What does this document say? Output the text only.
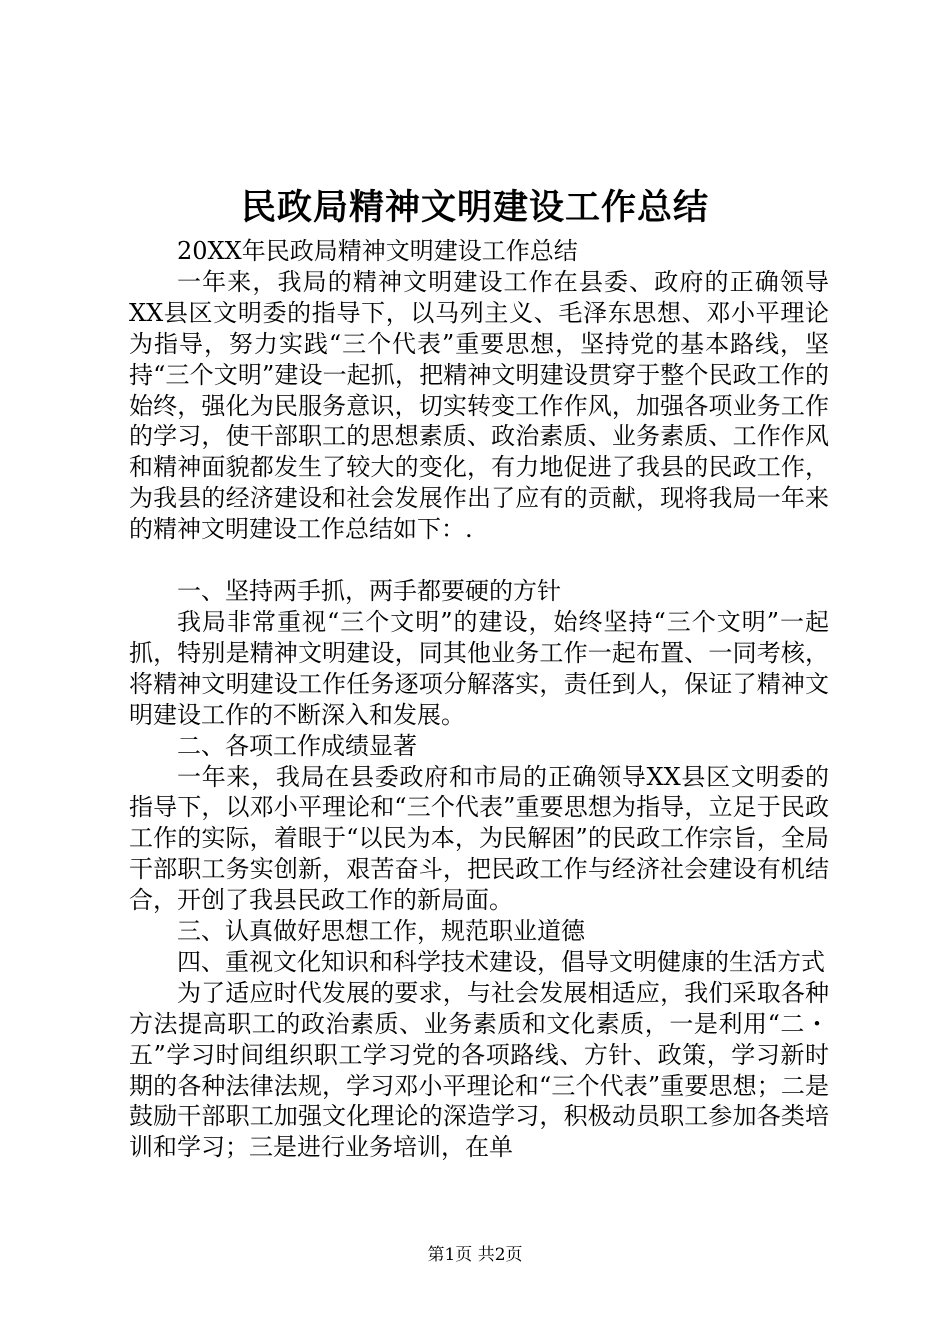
民政局精神文明建设工作总结

20XX年民政局精神文明建设工作总结

一年来，我局的精神文明建设工作在县委、政府的正确领导XX县区文明委的指导下，以马列主义、毛泽东思想、邓小平理论为指导，努力实践“三个代表”重要思想，坚持党的基本路线，坚持“三个文明”建设一起抓，把精神文明建设贯穿于整个民政工作的始终，强化为民服务意识，切实转变工作作风，加强各项业务工作的学习，使干部职工的思想素质、政治素质、业务素质、工作作风和精神面貌都发生了较大的变化，有力地促进了我县的民政工作，为我县的经济建设和社会发展作出了应有的贡献，现将我局一年来的精神文明建设工作总结如下：.

一、坚持两手抓，两手都要硬的方针

我局非常重视“三个文明”的建设，始终坚持“三个文明”一起抓，特别是精神文明建设，同其他业务工作一起布置、一同考核，将精神文明建设工作任务逐项分解落实，责任到人，保证了精神文明建设工作的不断深入和发展。

二、各项工作成绩显著

一年来，我局在县委政府和市局的正确领导XX县区文明委的指导下，以邓小平理论和“三个代表”重要思想为指导，立足于民政工作的实际，着眼于“以民为本，为民解困”的民政工作宗旨，全局干部职工务实创新，艰苦奋斗，把民政工作与经济社会建设有机结合，开创了我县民政工作的新局面。

三、认真做好思想工作，规范职业道德

四、重视文化知识和科学技术建设，倡导文明健康的生活方式

为了适应时代发展的要求，与社会发展相适应，我们采取各种方法提高职工的政治素质、业务素质和文化素质，一是利用“二・五”学习时间组织职工学习党的各项路线、方针、政策，学习新时期的各种法律法规，学习邓小平理论和“三个代表”重要思想；二是鼓励干部职工加强文化理论的深造学习，积极动员职工参加各类培训和学习；三是进行业务培训，在单

第1页 共2页
